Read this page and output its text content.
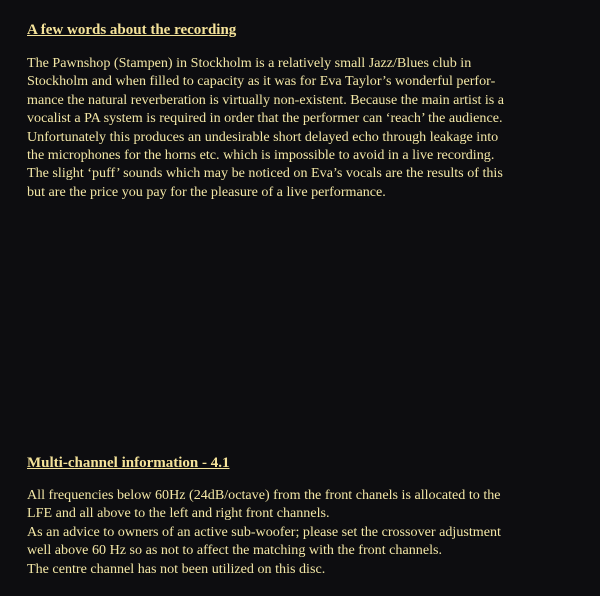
A few words about the recording
The Pawnshop (Stampen) in Stockholm is a relatively small Jazz/Blues club in
Stockholm and when filled to capacity as it was for Eva Taylor’s wonderful perfor-
mance the natural reverberation is virtually non-existent. Because the main artist is a
vocalist a PA system is required in order that the performer can ‘reach’ the audience.
Unfortunately this produces an undesirable short delayed echo through leakage into
the microphones for the horns etc. which is impossible to avoid in a live recording.
The slight ‘puff’ sounds which may be noticed on Eva’s vocals are the results of this
but are the price you pay for the pleasure of a live performance.
Multi-channel information - 4.1
All frequencies below 60Hz (24dB/octave) from the front chanels is allocated to the
LFE and all above to the left and right front channels.
As an advice to owners of an active sub-woofer; please set the crossover adjustment
well above 60 Hz so as not to affect the matching with the front channels.
The centre channel has not been utilized on this disc.
